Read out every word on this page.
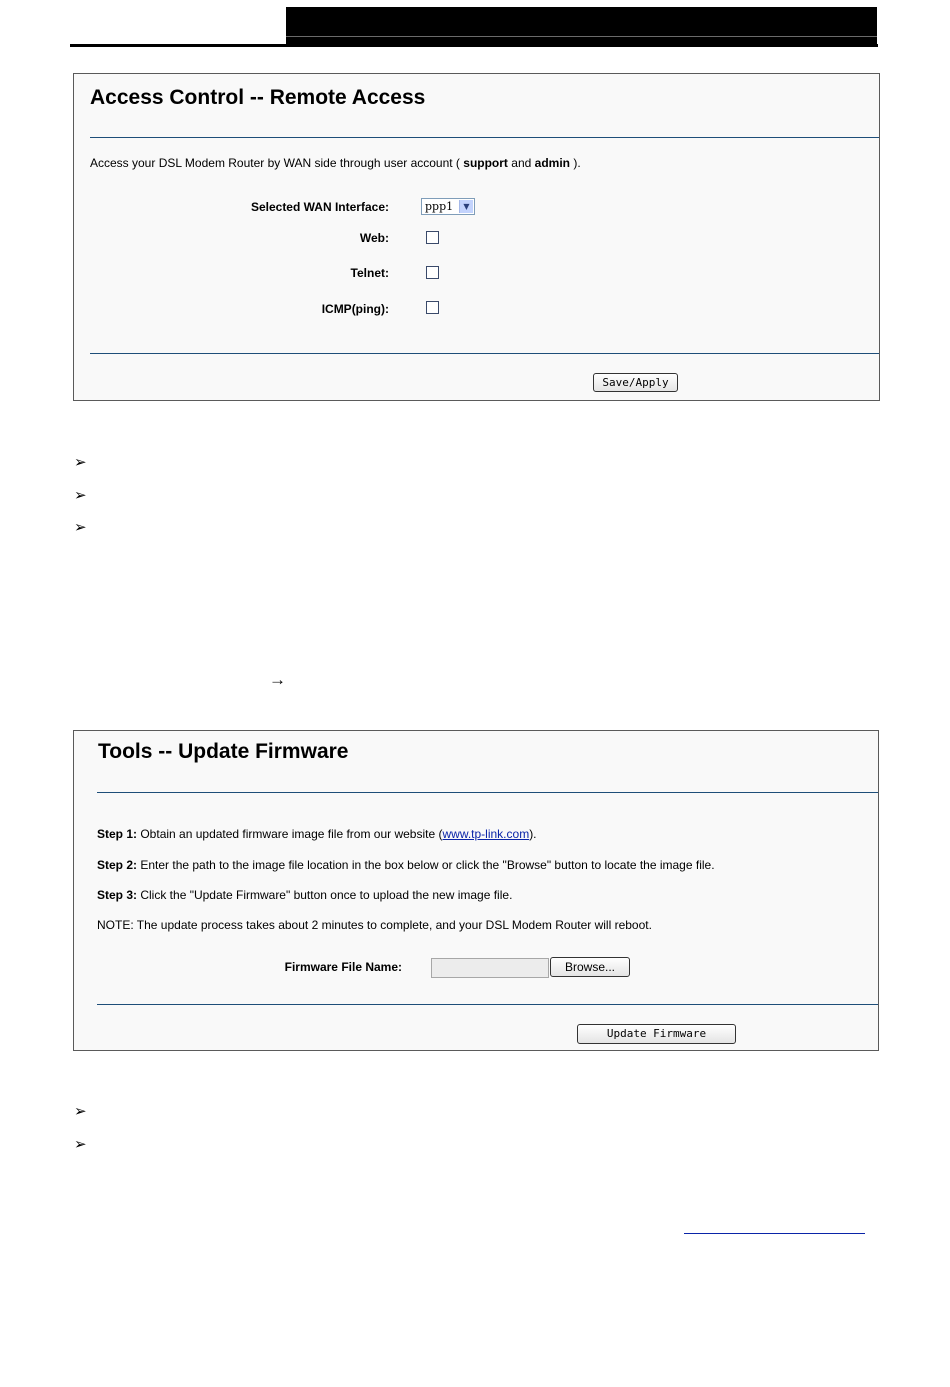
Access Control -- Remote Access
Access your DSL Modem Router by WAN side through user account ( support and admin ).
Selected WAN Interface:	ppp1	▼
Web:
Telnet:
ICMP(ping):
Save/Apply
➢
➢
➢
→
Tools -- Update Firmware
Step 1: Obtain an updated firmware image file from our website (www.tp-link.com).
Step 2: Enter the path to the image file location in the box below or click the "Browse" button to locate the image file.
Step 3: Click the "Update Firmware" button once to upload the new image file.
NOTE: The update process takes about 2 minutes to complete, and your DSL Modem Router will reboot.
Firmware File Name:	Browse...
Update Firmware
➢
➢
